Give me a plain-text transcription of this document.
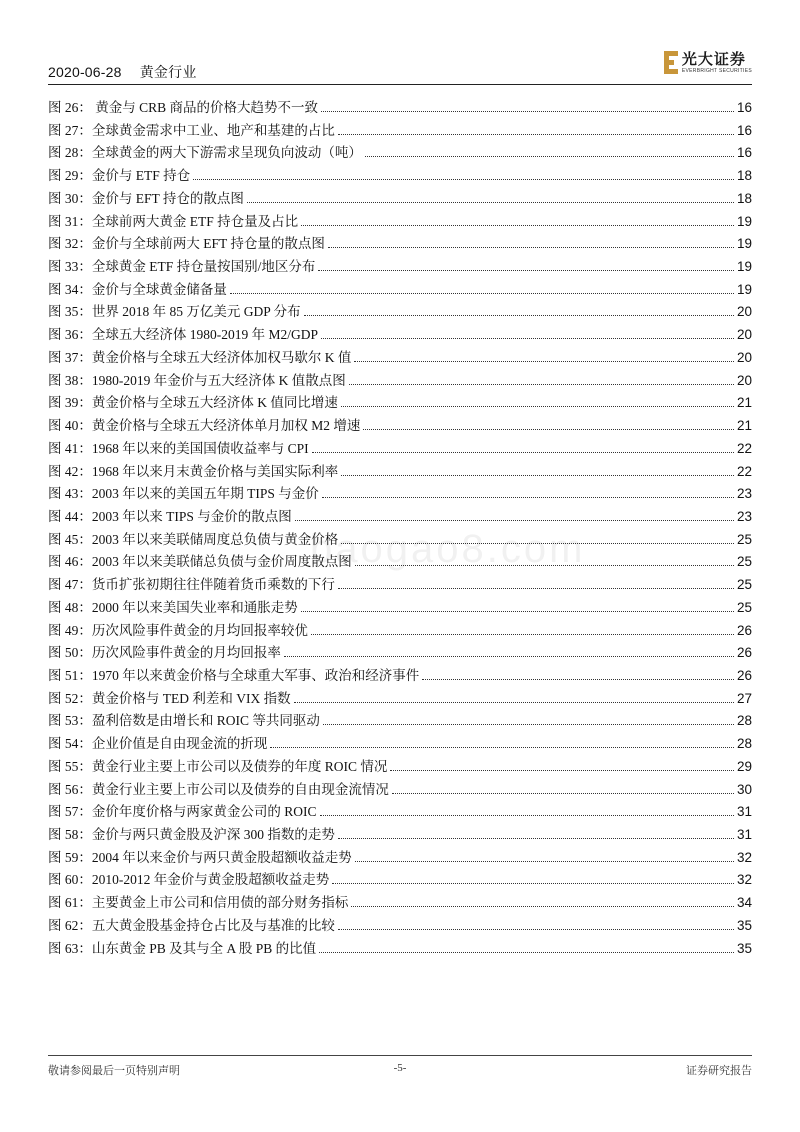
2020-06-28 黄金行业
光大证券
EVERBRIGHT SECURITIES
baogao8.com
图 26： 黄金与 CRB 商品的价格大趋势不一致	16
图 27：全球黄金需求中工业、地产和基建的占比	16
图 28：全球黄金的两大下游需求呈现负向波动（吨）	16
图 29：金价与 ETF 持仓	18
图 30：金价与 EFT 持仓的散点图	18
图 31：全球前两大黄金 ETF 持仓量及占比	19
图 32：金价与全球前两大 EFT 持仓量的散点图	19
图 33：全球黄金 ETF 持仓量按国别/地区分布	19
图 34：金价与全球黄金储备量	19
图 35：世界 2018 年 85 万亿美元 GDP 分布	20
图 36：全球五大经济体 1980-2019 年 M2/GDP	20
图 37：黄金价格与全球五大经济体加权马歇尔 K 值	20
图 38：1980-2019 年金价与五大经济体 K 值散点图	20
图 39：黄金价格与全球五大经济体 K 值同比增速	21
图 40：黄金价格与全球五大经济体单月加权 M2 增速	21
图 41：1968 年以来的美国国债收益率与 CPI	22
图 42：1968 年以来月末黄金价格与美国实际利率	22
图 43：2003 年以来的美国五年期 TIPS 与金价	23
图 44：2003 年以来 TIPS 与金价的散点图	23
图 45：2003 年以来美联储周度总负债与黄金价格	25
图 46：2003 年以来美联储总负债与金价周度散点图	25
图 47：货币扩张初期往往伴随着货币乘数的下行	25
图 48：2000 年以来美国失业率和通胀走势	25
图 49：历次风险事件黄金的月均回报率较优	26
图 50：历次风险事件黄金的月均回报率	26
图 51：1970 年以来黄金价格与全球重大军事、政治和经济事件	26
图 52：黄金价格与 TED 利差和 VIX 指数	27
图 53：盈利倍数是由增长和 ROIC 等共同驱动	28
图 54：企业价值是自由现金流的折现	28
图 55：黄金行业主要上市公司以及债券的年度 ROIC 情况	29
图 56：黄金行业主要上市公司以及债券的自由现金流情况	30
图 57：金价年度价格与两家黄金公司的 ROIC	31
图 58：金价与两只黄金股及沪深 300 指数的走势	31
图 59：2004 年以来金价与两只黄金股超额收益走势	32
图 60：2010-2012 年金价与黄金股超额收益走势	32
图 61：主要黄金上市公司和信用债的部分财务指标	34
图 62：五大黄金股基金持仓占比及与基准的比较	35
图 63：山东黄金 PB 及其与全 A 股 PB 的比值	35
敬请参阅最后一页特别声明	-5-	证券研究报告
